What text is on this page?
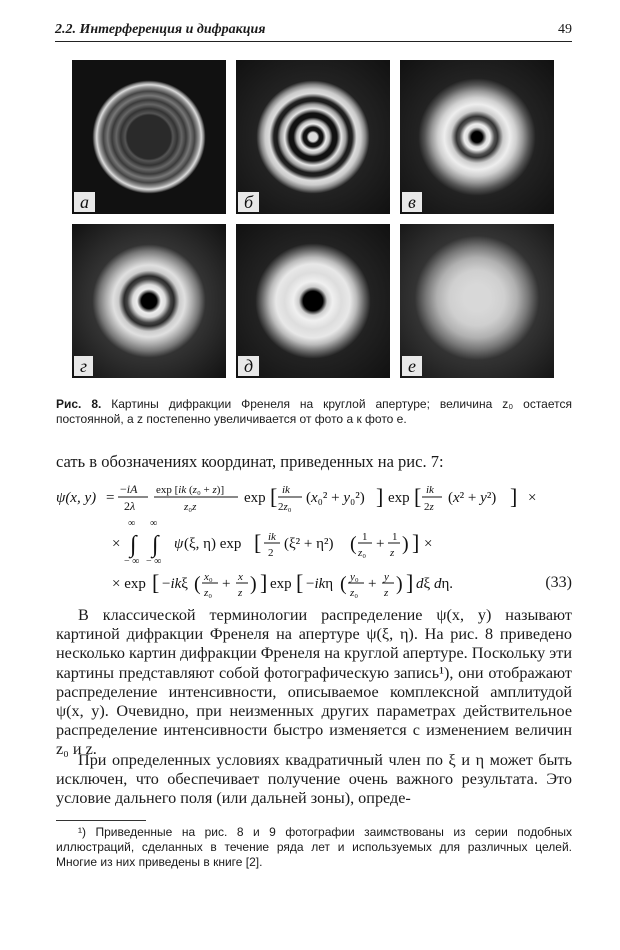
2.2. Интерференция и дифракция	49
а	б	в
г	д	е
Рис. 8. Картины дифракции Френеля на круглой апертуре; величина z₀ остается постоянной, а z постепенно увеличивается от фото а к фото е.
сать в обозначениях координат, приведенных на рис. 7:
ψ(x, y) =
−iA
2λ
exp [ik (z₀ + z)]
z₀z
exp [ ik
2z₀
(x₀² + y₀²) ] exp [ ik
2z
(x² + y²) ] ×
× ∫
∞
− ∞
∫
∞
− ∞
ψ (ξ, η) exp [ ik
2
(ξ² + η²) ( 1
z₀
+ 1
z ) ] ×
× exp [ −ikξ ( x₀
z₀
+ x
z ) ] exp [ −ikη ( y₀
z₀
+ y
z ) ] dξ dη.	(33)
В классической терминологии распределение ψ(x, y) называют картиной дифракции Френеля на апертуре ψ(ξ, η). На рис. 8 приведено несколько картин дифракции Френеля на круглой апертуре. Поскольку эти картины представляют собой фотографическую запись¹), они отображают распределение интенсивности, описываемое комплексной амплитудой ψ(x, y). Очевидно, при неизменных других параметрах действительное распределение интенсивности быстро изменяется с изменением величин z₀ и z.
При определенных условиях квадратичный член по ξ и η может быть исключен, что обеспечивает получение очень важного результата. Это условие дальнего поля (или дальней зоны), опреде-
¹) Приведенные на рис. 8 и 9 фотографии заимствованы из серии подобных иллюстраций, сделанных в течение ряда лет и используемых для различных целей. Многие из них приведены в книге [2].
